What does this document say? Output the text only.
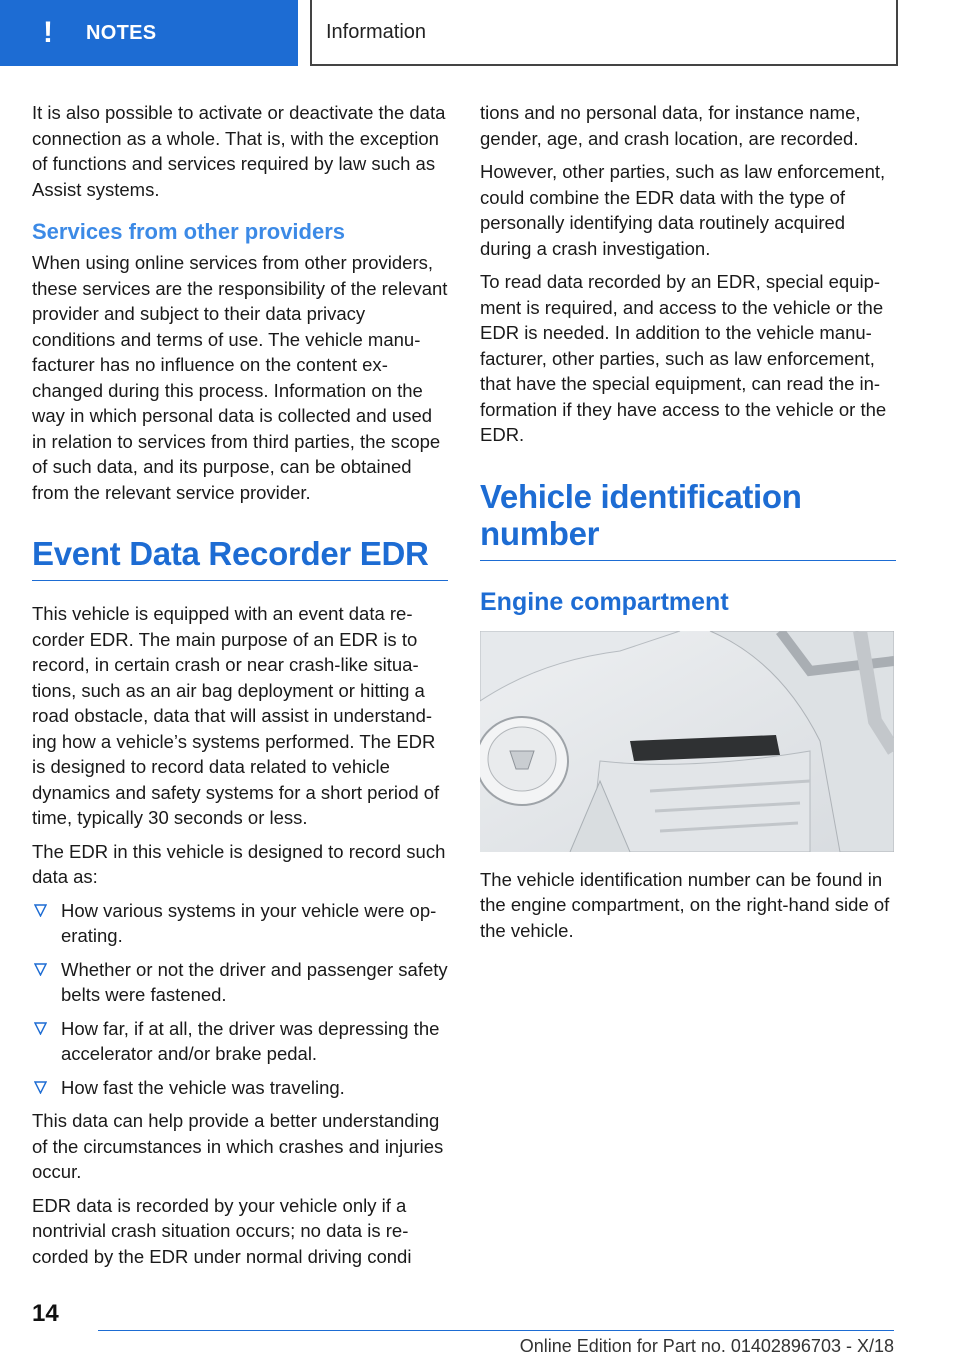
! NOTES	Information

It is also possible to activate or deactivate the data connection as a whole. That is, with the exception of functions and services required by law such as Assist systems.

Services from other providers

When using online services from other providers, these services are the responsibility of the relevant provider and subject to their data privacy conditions and terms of use. The vehicle manufacturer has no influence on the content exchanged during this process. Information on the way in which personal data is collected and used in relation to services from third parties, the scope of such data, and its purpose, can be obtained from the relevant service provider.

Event Data Recorder EDR

This vehicle is equipped with an event data recorder EDR. The main purpose of an EDR is to record, in certain crash or near crash-like situations, such as an air bag deployment or hitting a road obstacle, data that will assist in understanding how a vehicle’s systems performed. The EDR is designed to record data related to vehicle dynamics and safety systems for a short period of time, typically 30 seconds or less.

The EDR in this vehicle is designed to record such data as:

How various systems in your vehicle were operating.
Whether or not the driver and passenger safety belts were fastened.
How far, if at all, the driver was depressing the accelerator and/or brake pedal.
How fast the vehicle was traveling.

This data can help provide a better understanding of the circumstances in which crashes and injuries occur.

EDR data is recorded by your vehicle only if a nontrivial crash situation occurs; no data is recorded by the EDR under normal driving condi

tions and no personal data, for instance name, gender, age, and crash location, are recorded.

However, other parties, such as law enforcement, could combine the EDR data with the type of personally identifying data routinely acquired during a crash investigation.

To read data recorded by an EDR, special equipment is required, and access to the vehicle or the EDR is needed. In addition to the vehicle manufacturer, other parties, such as law enforcement, that have the special equipment, can read the information if they have access to the vehicle or the EDR.

Vehicle identification number
Engine compartment

The vehicle identification number can be found in the engine compartment, on the right-hand side of the vehicle.

14
Online Edition for Part no. 01402896703 - X/18
